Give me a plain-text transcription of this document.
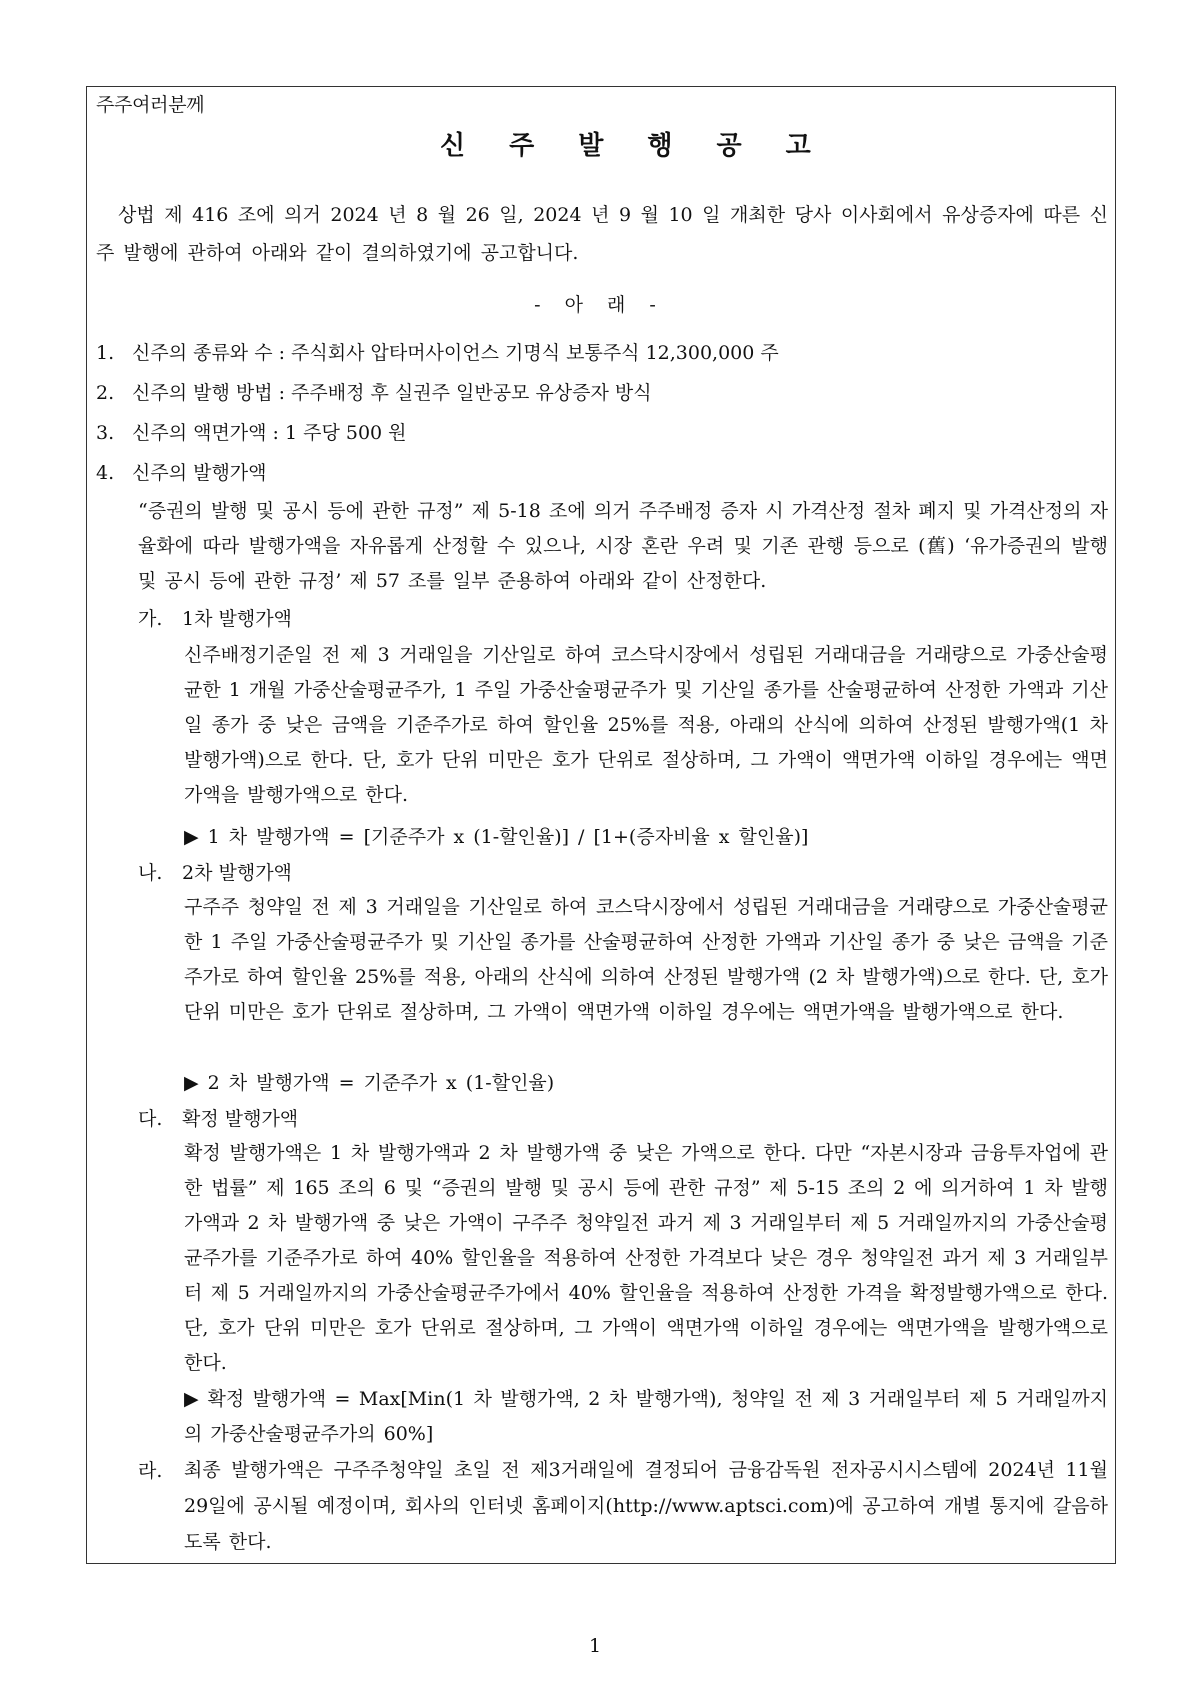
주주여러분께
신주발행공고
상법 제 416 조에 의거 2024 년 8 월 26 일, 2024 년 9 월 10 일 개최한 당사 이사회에서 유상증자에 따른 신주 발행에 관하여 아래와 같이 결의하였기에 공고합니다.
- 아 래 -
1. 신주의 종류와 수 : 주식회사 압타머사이언스 기명식 보통주식 12,300,000 주
2. 신주의 발행 방법 : 주주배정 후 실권주 일반공모 유상증자 방식
3. 신주의 액면가액 : 1 주당 500 원
4. 신주의 발행가액
“증권의 발행 및 공시 등에 관한 규정” 제 5-18 조에 의거 주주배정 증자 시 가격산정 절차 폐지 및 가격산정의 자율화에 따라 발행가액을 자유롭게 산정할 수 있으나, 시장 혼란 우려 및 기존 관행 등으로 (舊) ‘유가증권의 발행 및 공시 등에 관한 규정’ 제 57 조를 일부 준용하여 아래와 같이 산정한다.
가. 1차 발행가액
신주배정기준일 전 제 3 거래일을 기산일로 하여 코스닥시장에서 성립된 거래대금을 거래량으로 가중산술평균한 1 개월 가중산술평균주가, 1 주일 가중산술평균주가 및 기산일 종가를 산술평균하여 산정한 가액과 기산일 종가 중 낮은 금액을 기준주가로 하여 할인율 25%를 적용, 아래의 산식에 의하여 산정된 발행가액(1 차 발행가액)으로 한다. 단, 호가 단위 미만은 호가 단위로 절상하며, 그 가액이 액면가액 이하일 경우에는 액면가액을 발행가액으로 한다.
▶ 1 차 발행가액 = [기준주가 x (1-할인율)] / [1+(증자비율 x 할인율)]
나. 2차 발행가액
구주주 청약일 전 제 3 거래일을 기산일로 하여 코스닥시장에서 성립된 거래대금을 거래량으로 가중산술평균한 1 주일 가중산술평균주가 및 기산일 종가를 산술평균하여 산정한 가액과 기산일 종가 중 낮은 금액을 기준주가로 하여 할인율 25%를 적용, 아래의 산식에 의하여 산정된 발행가액 (2 차 발행가액)으로 한다. 단, 호가 단위 미만은 호가 단위로 절상하며, 그 가액이 액면가액 이하일 경우에는 액면가액을 발행가액으로 한다.
▶ 2 차 발행가액 = 기준주가 x (1-할인율)
다. 확정 발행가액
확정 발행가액은 1 차 발행가액과 2 차 발행가액 중 낮은 가액으로 한다. 다만 “자본시장과 금융투자업에 관한 법률” 제 165 조의 6 및 “증권의 발행 및 공시 등에 관한 규정” 제 5-15 조의 2 에 의거하여 1 차 발행가액과 2 차 발행가액 중 낮은 가액이 구주주 청약일전 과거 제 3 거래일부터 제 5 거래일까지의 가중산술평균주가를 기준주가로 하여 40% 할인율을 적용하여 산정한 가격보다 낮은 경우 청약일전 과거 제 3 거래일부터 제 5 거래일까지의 가중산술평균주가에서 40% 할인율을 적용하여 산정한 가격을 확정발행가액으로 한다. 단, 호가 단위 미만은 호가 단위로 절상하며, 그 가액이 액면가액 이하일 경우에는 액면가액을 발행가액으로 한다.
▶ 확정 발행가액 = Max[Min(1 차 발행가액, 2 차 발행가액), 청약일 전 제 3 거래일부터 제 5 거래일까지의 가중산술평균주가의 60%]
라. 최종 발행가액은 구주주청약일 초일 전 제3거래일에 결정되어 금융감독원 전자공시시스템에 2024년 11월 29일에 공시될 예정이며, 회사의 인터넷 홈페이지(http://www.aptsci.com)에 공고하여 개별 통지에 갈음하도록 한다.
1
